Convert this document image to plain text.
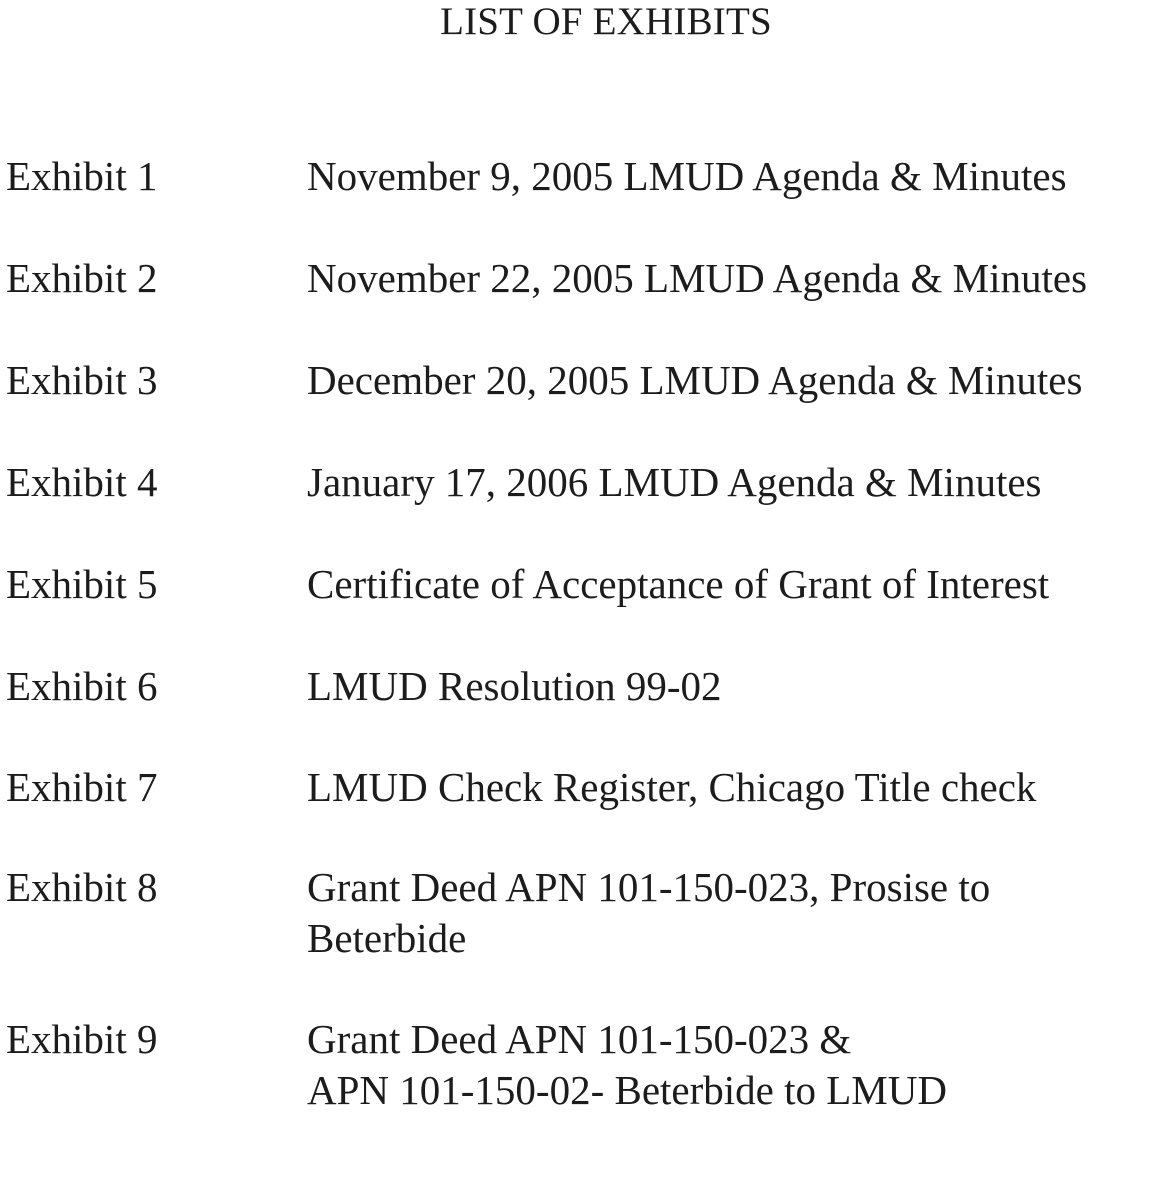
LIST OF EXHIBITS
Exhibit 1	November 9, 2005 LMUD Agenda & Minutes
Exhibit 2	November 22, 2005 LMUD Agenda & Minutes
Exhibit 3	December 20, 2005 LMUD Agenda & Minutes
Exhibit 4	January 17, 2006 LMUD Agenda & Minutes
Exhibit 5	Certificate of Acceptance of Grant of Interest
Exhibit 6	LMUD Resolution 99-02
Exhibit 7	LMUD Check Register, Chicago Title check
Exhibit 8	Grant Deed APN 101-150-023, Prosise to
Beterbide
Exhibit 9	Grant Deed APN 101-150-023 &
APN 101-150-02- Beterbide to LMUD
